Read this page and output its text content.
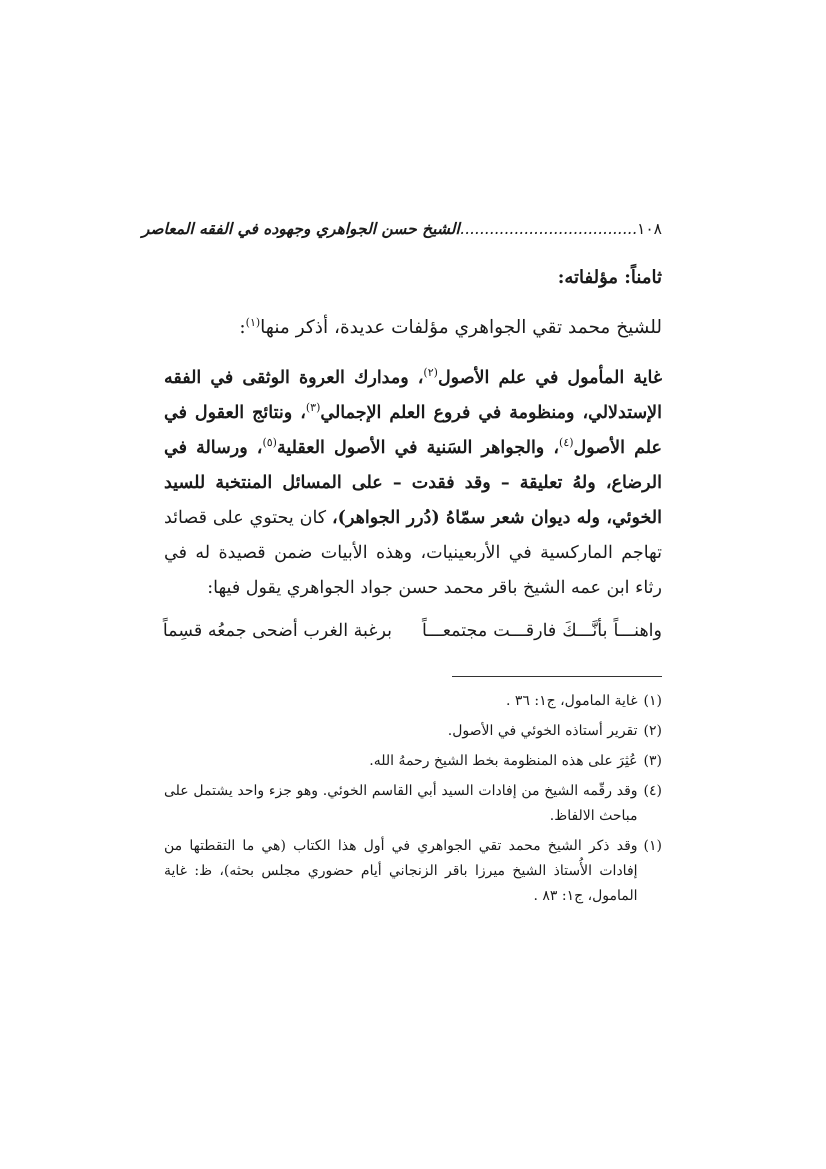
١٠٨
....................................
الشيخ حسن الجواهري وجهوده في الفقه المعاصر
ثامناً: مؤلفاته:
للشيخ محمد تقي الجواهري مؤلفات عديدة، أذكر منها$^{(١)}$:
غاية المأمول في علم الأصول$^{(٢)}$، ومدارك العروة الوثقى في الفقه الإستدلالي، ومنظومة في فروع العلم الإجمالي$^{(٣)}$، ونتائج العقول في علم الأصول$^{(٤)}$، والجواهر السَنية في الأصول العقلية$^{(٥)}$، ورسالة في الرضاع، ولهُ تعليقة – وقد فقدت – على المسائل المنتخبة للسيد الخوئي، وله ديوان شعر سمّاهُ (دُرر الجواهر)، كان يحتوي على قصائد تهاجم الماركسية في الأربعينيات، وهذه الأبيات ضمن قصيدة له في رثاء ابن عمه الشيخ باقر محمد حسن جواد الجواهري يقول فيها:
واهنـــاً بأنَّـــكَ فارقـــت مجتمعـــاً
برغبة الغرب أضحى جمعُه قسِماً
(١)
غاية المامول، ج١: ٣٦ .
(٢)
تقرير أستاذه الخوئي في الأصول.
(٣)
عُثِرَ على هذه المنظومة بخط الشيخ رحمهُ الله.
(٤)
وقد رقّمه الشيخ من إفادات السيد أبي القاسم الخوئي. وهو جزء واحد يشتمل على مباحث الالفاظ.
(١)
وقد ذكر الشيخ محمد تقي الجواهري في أول هذا الكتاب (هي ما التقطتها من إفادات الأُستاذ الشيخ ميرزا باقر الزنجاني أيام حضوري مجلس بحثه)، ظ: غاية المامول، ج١: ٨٣ .
